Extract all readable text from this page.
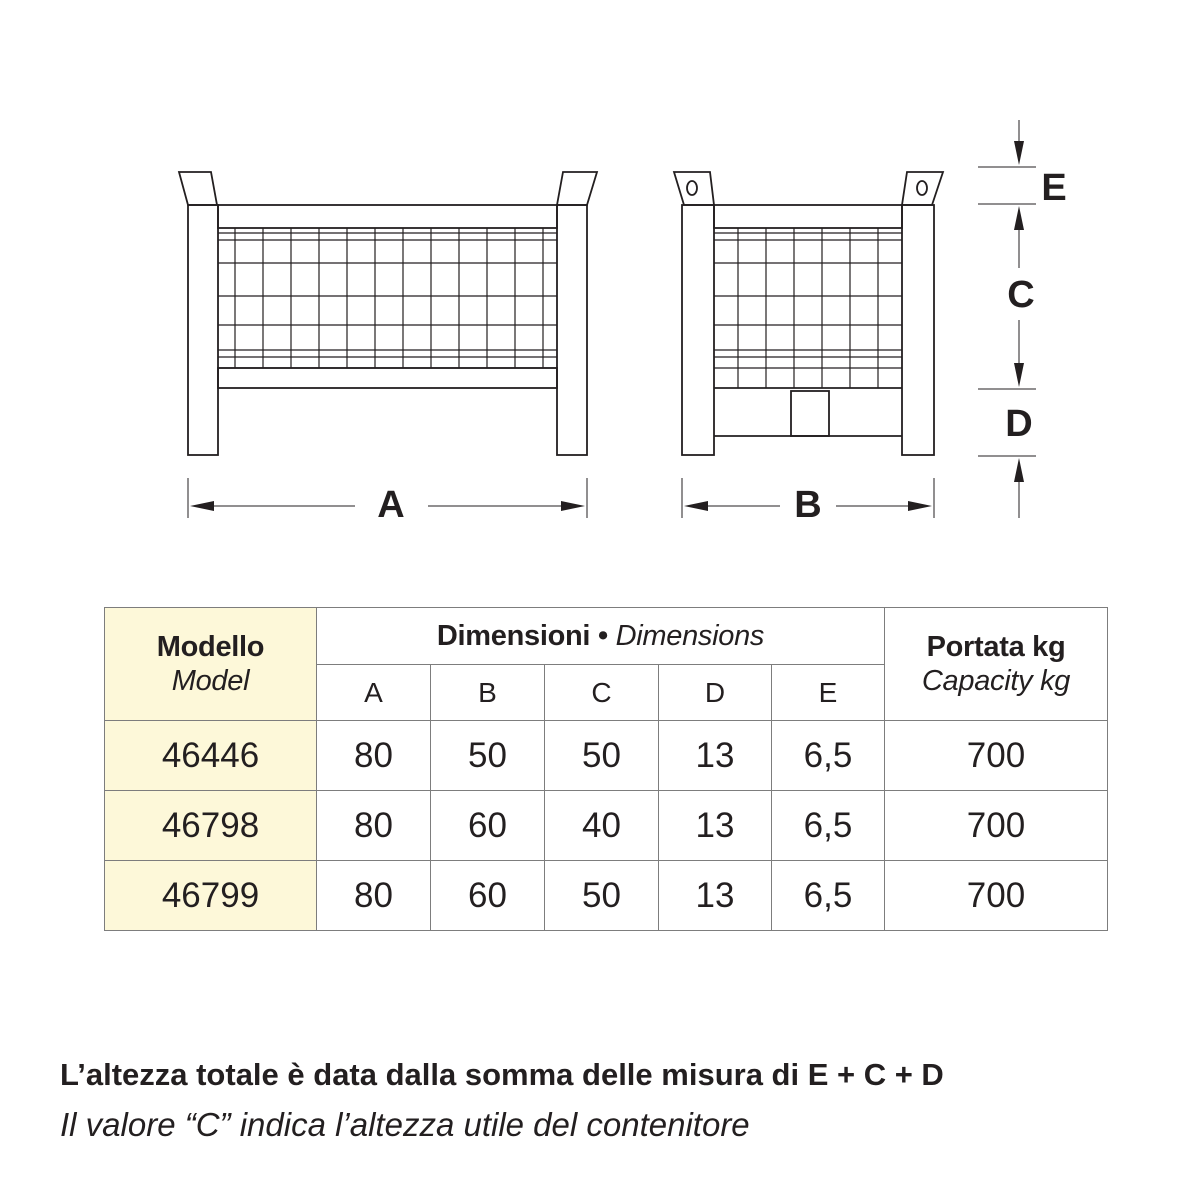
A	B
E
C
D
Modello
Model	Dimensioni • Dimensions					Portata kg
Capacity kg

	A	B	C	D	E	
46446	80	50	50	13	6,5	700
46798	80	60	40	13	6,5	700
46799	80	60	50	13	6,5	700
L’altezza totale è data dalla somma delle misura di E + C + D
Il valore “C” indica l’altezza utile del contenitore
